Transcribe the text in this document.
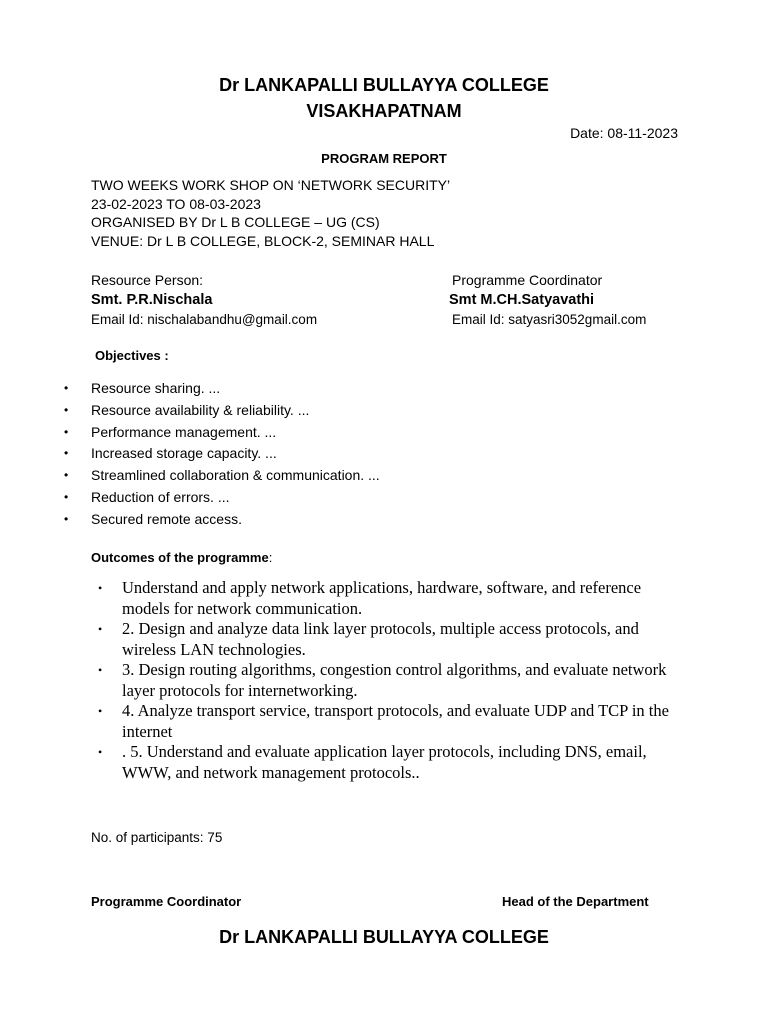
Dr LANKAPALLI BULLAYYA COLLEGE
VISAKHAPATNAM
Date: 08-11-2023
PROGRAM REPORT
TWO WEEKS WORK SHOP ON ‘NETWORK SECURITY’
23-02-2023 TO 08-03-2023
ORGANISED BY Dr L B COLLEGE – UG (CS)
VENUE: Dr L B COLLEGE, BLOCK-2, SEMINAR HALL
Resource Person:
Smt. P.R.Nischala
Email Id: nischalabandhu@gmail.com
Programme Coordinator
Smt M.CH.Satyavathi
Email Id: satyasri3052gmail.com
Objectives :
• Resource sharing. ...
• Resource availability & reliability. ...
• Performance management. ...
• Increased storage capacity. ...
• Streamlined collaboration & communication. ...
• Reduction of errors. ...
• Secured remote access.
Outcomes of the programme:
• Understand and apply network applications, hardware, software, and reference models for network communication.
• 2. Design and analyze data link layer protocols, multiple access protocols, and wireless LAN technologies.
• 3. Design routing algorithms, congestion control algorithms, and evaluate network layer protocols for internetworking.
• 4. Analyze transport service, transport protocols, and evaluate UDP and TCP in the internet
• . 5. Understand and evaluate application layer protocols, including DNS, email, WWW, and network management protocols..
No. of participants: 75
Programme Coordinator	Head of the Department
Dr LANKAPALLI BULLAYYA COLLEGE
